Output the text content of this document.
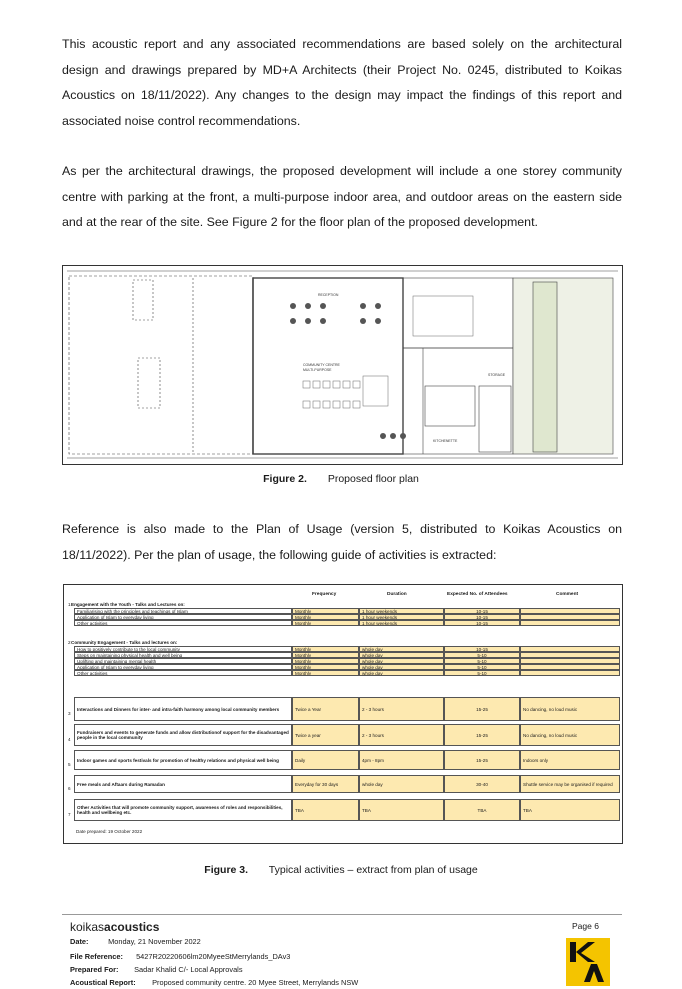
This acoustic report and any associated recommendations are based solely on the architectural design and drawings prepared by MD+A Architects (their Project No. 0245, distributed to Koikas Acoustics on 18/11/2022). Any changes to the design may impact the findings of this report and associated noise control recommendations.

As per the architectural drawings, the proposed development will include a one storey community centre with parking at the front, a multi-purpose indoor area, and outdoor areas on the eastern side and at the rear of the site. See Figure 2 for the floor plan of the proposed development.

COMMUNITY CENTRE
MULTI-PURPOSE
STORAGE
KITCHENETTE
RECEPTION
Figure 2. Proposed floor plan

Reference is also made to the Plan of Usage (version 5, distributed to Koikas Acoustics on 18/11/2022). Per the plan of usage, the following guide of activities is extracted:

Frequency	Duration	Expected No. of Attendees	Comment
1 Engagement with the Youth - Talks and Lectures on:
Familiarising with the principles and teachings of Islam	Monthly	1 hour weekends	10-15
Application of Islam to everyday living	Monthly	1 hour weekends	10-15
Other activities	Monthly	1 hour weekends	10-15
2 Community Engagement - Talks and lectures on:
How to positively contribute to the local community	Monthly	whole day	10-15
Steps on maintaining physical health and well being	Monthly	whole day	5-10
Uplifting and maintaining mental health	Monthly	whole day	5-10
Application of Islam to everyday living	Monthly	whole day	5-10
Other activities	Monthly	whole day	5-10
3
Interactions and Dinners for inter- and intra-faith harmony among local community members	Twice a Year	2 - 3 hours	15-25	No dancing, no loud music
4
Fundraisers and events to generate funds and allow distributionof support for the disadvantaged people in the local community	Twice a year	2 - 3 hours	15-25	No dancing, no loud music
5
Indoor games and sports festivals for promotion of healthy relations and physical well being	Daily	4pm - 8pm	15-25	Indoors only
6
Free meals and Aftaars during Ramadan	Everyday for 30 days	whole day	30-40	Shuttle service may be organised if required
7
Other Activities that will promote community support, awareness of roles and responsibilities, health and wellbeing etc.	TBA	TBA	TBA	TBA
Date prepared: 19 October 2022
Figure 3. Typical activities – extract from plan of usage
koikasacoustics	Page 6
Date:	Monday, 21 November 2022
File Reference: 5427R20220606lm20MyeeStMerrylands_DAv3
Prepared For: Sadar Khalid C/- Local Approvals
Acoustical Report: Proposed community centre. 20 Myee Street, Merrylands NSW
